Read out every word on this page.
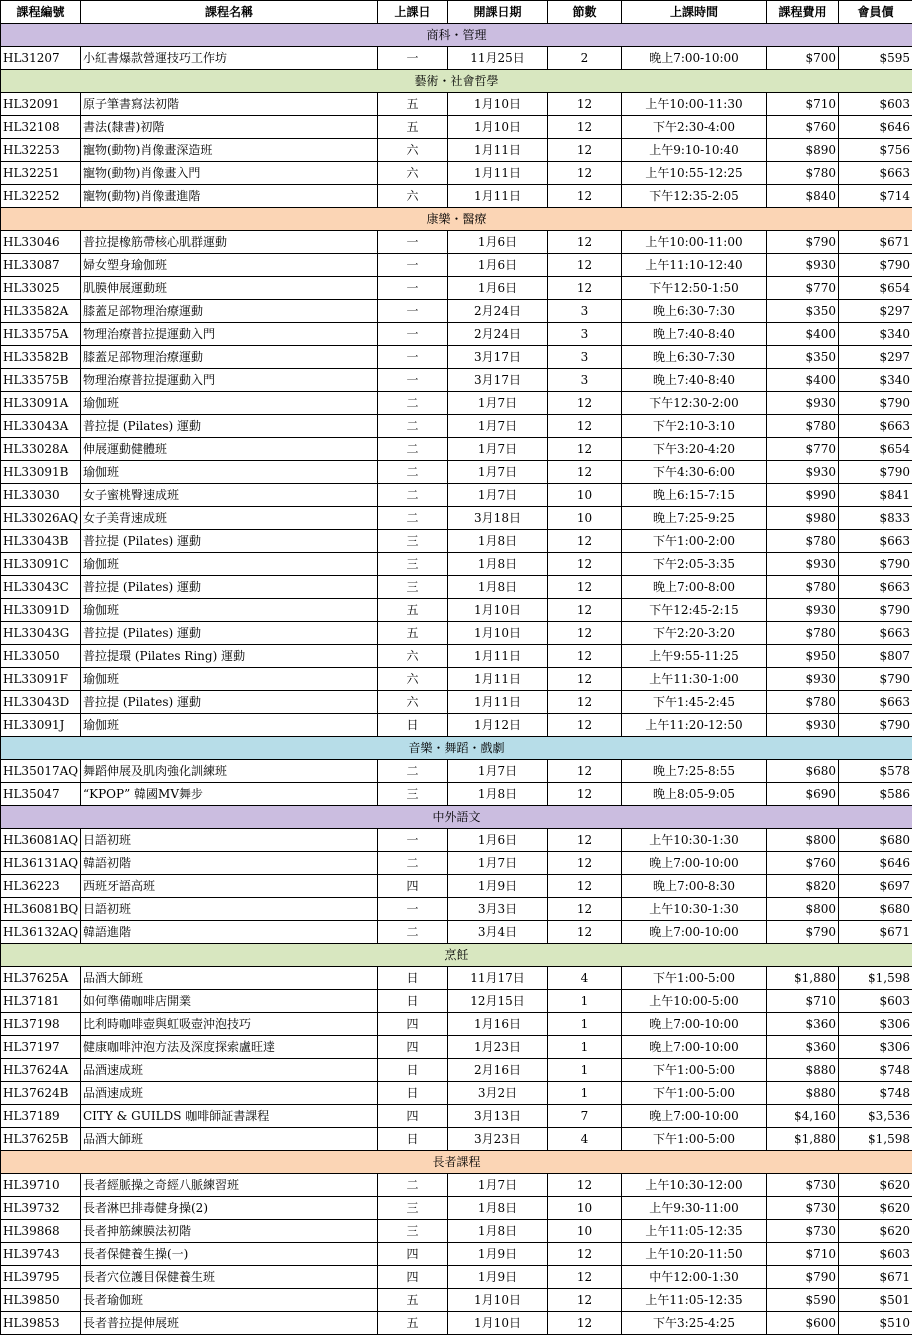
課程編號	課程名稱	上課日	開課日期	節數	上課時間	課程費用	會員價
商科・管理							
HL31207	小紅書爆款營運技巧工作坊	一	11月25日	2	晚上7:00-10:00	$700	$595
藝術・社會哲學							
HL32091	原子筆書寫法初階	五	1月10日	12	上午10:00-11:30	$710	$603
HL32108	書法(隸書)初階	五	1月10日	12	下午2:30-4:00	$760	$646
HL32253	寵物(動物)肖像畫深造班	六	1月11日	12	上午9:10-10:40	$890	$756
HL32251	寵物(動物)肖像畫入門	六	1月11日	12	上午10:55-12:25	$780	$663
HL32252	寵物(動物)肖像畫進階	六	1月11日	12	下午12:35-2:05	$840	$714
康樂・醫療							
HL33046	普拉提橡筋帶核心肌群運動	一	1月6日	12	上午10:00-11:00	$790	$671
HL33087	婦女塑身瑜伽班	一	1月6日	12	上午11:10-12:40	$930	$790
HL33025	肌膜伸展運動班	一	1月6日	12	下午12:50-1:50	$770	$654
HL33582A	膝蓋足部物理治療運動	一	2月24日	3	晚上6:30-7:30	$350	$297
HL33575A	物理治療普拉提運動入門	一	2月24日	3	晚上7:40-8:40	$400	$340
HL33582B	膝蓋足部物理治療運動	一	3月17日	3	晚上6:30-7:30	$350	$297
HL33575B	物理治療普拉提運動入門	一	3月17日	3	晚上7:40-8:40	$400	$340
HL33091A	瑜伽班	二	1月7日	12	下午12:30-2:00	$930	$790
HL33043A	普拉提 (Pilates) 運動	二	1月7日	12	下午2:10-3:10	$780	$663
HL33028A	伸展運動健體班	二	1月7日	12	下午3:20-4:20	$770	$654
HL33091B	瑜伽班	二	1月7日	12	下午4:30-6:00	$930	$790
HL33030	女子蜜桃臀速成班	二	1月7日	10	晚上6:15-7:15	$990	$841
HL33026AQ	女子美背速成班	二	3月18日	10	晚上7:25-9:25	$980	$833
HL33043B	普拉提 (Pilates) 運動	三	1月8日	12	下午1:00-2:00	$780	$663
HL33091C	瑜伽班	三	1月8日	12	下午2:05-3:35	$930	$790
HL33043C	普拉提 (Pilates) 運動	三	1月8日	12	晚上7:00-8:00	$780	$663
HL33091D	瑜伽班	五	1月10日	12	下午12:45-2:15	$930	$790
HL33043G	普拉提 (Pilates) 運動	五	1月10日	12	下午2:20-3:20	$780	$663
HL33050	普拉提環 (Pilates Ring) 運動	六	1月11日	12	上午9:55-11:25	$950	$807
HL33091F	瑜伽班	六	1月11日	12	上午11:30-1:00	$930	$790
HL33043D	普拉提 (Pilates) 運動	六	1月11日	12	下午1:45-2:45	$780	$663
HL33091J	瑜伽班	日	1月12日	12	上午11:20-12:50	$930	$790
音樂・舞蹈・戲劇							
HL35017AQ	舞蹈伸展及肌肉強化訓練班	二	1月7日	12	晚上7:25-8:55	$680	$578
HL35047	“KPOP” 韓國MV舞步	三	1月8日	12	晚上8:05-9:05	$690	$586
中外語文							
HL36081AQ	日語初班	一	1月6日	12	上午10:30-1:30	$800	$680
HL36131AQ	韓語初階	二	1月7日	12	晚上7:00-10:00	$760	$646
HL36223	西班牙語高班	四	1月9日	12	晚上7:00-8:30	$820	$697
HL36081BQ	日語初班	一	3月3日	12	上午10:30-1:30	$800	$680
HL36132AQ	韓語進階	二	3月4日	12	晚上7:00-10:00	$790	$671
烹飪							
HL37625A	品酒大師班	日	11月17日	4	下午1:00-5:00	$1,880	$1,598
HL37181	如何準備咖啡店開業	日	12月15日	1	上午10:00-5:00	$710	$603
HL37198	比利時咖啡壺與虹吸壺沖泡技巧	四	1月16日	1	晚上7:00-10:00	$360	$306
HL37197	健康咖啡沖泡方法及深度探索盧旺達	四	1月23日	1	晚上7:00-10:00	$360	$306
HL37624A	品酒速成班	日	2月16日	1	下午1:00-5:00	$880	$748
HL37624B	品酒速成班	日	3月2日	1	下午1:00-5:00	$880	$748
HL37189	CITY & GUILDS 咖啡師証書課程	四	3月13日	7	晚上7:00-10:00	$4,160	$3,536
HL37625B	品酒大師班	日	3月23日	4	下午1:00-5:00	$1,880	$1,598
長者課程							
HL39710	長者經脈操之奇經八脈練習班	二	1月7日	12	上午10:30-12:00	$730	$620
HL39732	長者淋巴排毒健身操(2)	三	1月8日	10	上午9:30-11:00	$730	$620
HL39868	長者抻筋練膜法初階	三	1月8日	10	上午11:05-12:35	$730	$620
HL39743	長者保健養生操(一)	四	1月9日	12	上午10:20-11:50	$710	$603
HL39795	長者穴位護目保健養生班	四	1月9日	12	中午12:00-1:30	$790	$671
HL39850	長者瑜伽班	五	1月10日	12	上午11:05-12:35	$590	$501
HL39853	長者普拉提伸展班	五	1月10日	12	下午3:25-4:25	$600	$510
